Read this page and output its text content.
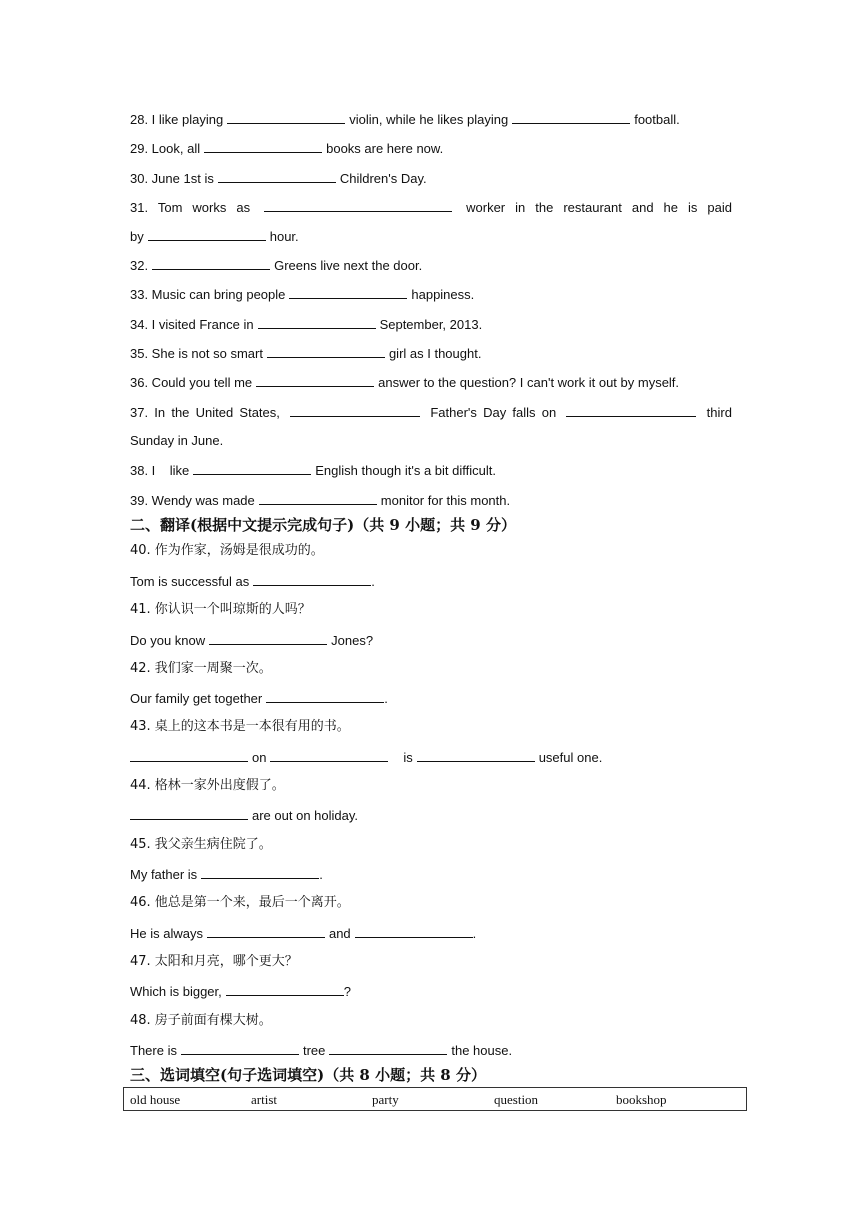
28. I like playing	violin, while he likes playing	football.
29. Look, all	books are here now.
30. June 1st is	Children's Day.
31. Tom works as	worker in the restaurant and he is paid
by	hour.
32.	Greens live next the door.
33. Music can bring people	happiness.
34. I visited France in	September, 2013.
35. She is not so smart	girl as I thought.
36. Could you tell me	answer to the question? I can't work it out by myself.
37. In the United States,	Father's Day falls on	third
Sunday in June.
38. I    like	English though it's a bit difficult.
39. Wendy was made	monitor for this month.
二、翻译(根据中文提示完成句子)（共 9 小题；共 9 分）
40. 作为作家，汤姆是很成功的。
Tom is successful as	.
41. 你认识一个叫琼斯的人吗？
Do you know	Jones?
42. 我们家一周聚一次。
Our family get together	.
43. 桌上的这本书是一本很有用的书。
on	is	useful one.
44. 格林一家外出度假了。
are out on holiday.
45. 我父亲生病住院了。
My father is	.
46. 他总是第一个来，最后一个离开。
He is always	and	.
47. 太阳和月亮，哪个更大？
Which is bigger,	?
48. 房子前面有棵大树。
There is	tree	the house.
三、选词填空(句子选词填空)（共 8 小题；共 8 分）
old house	artist	party	question	bookshop
